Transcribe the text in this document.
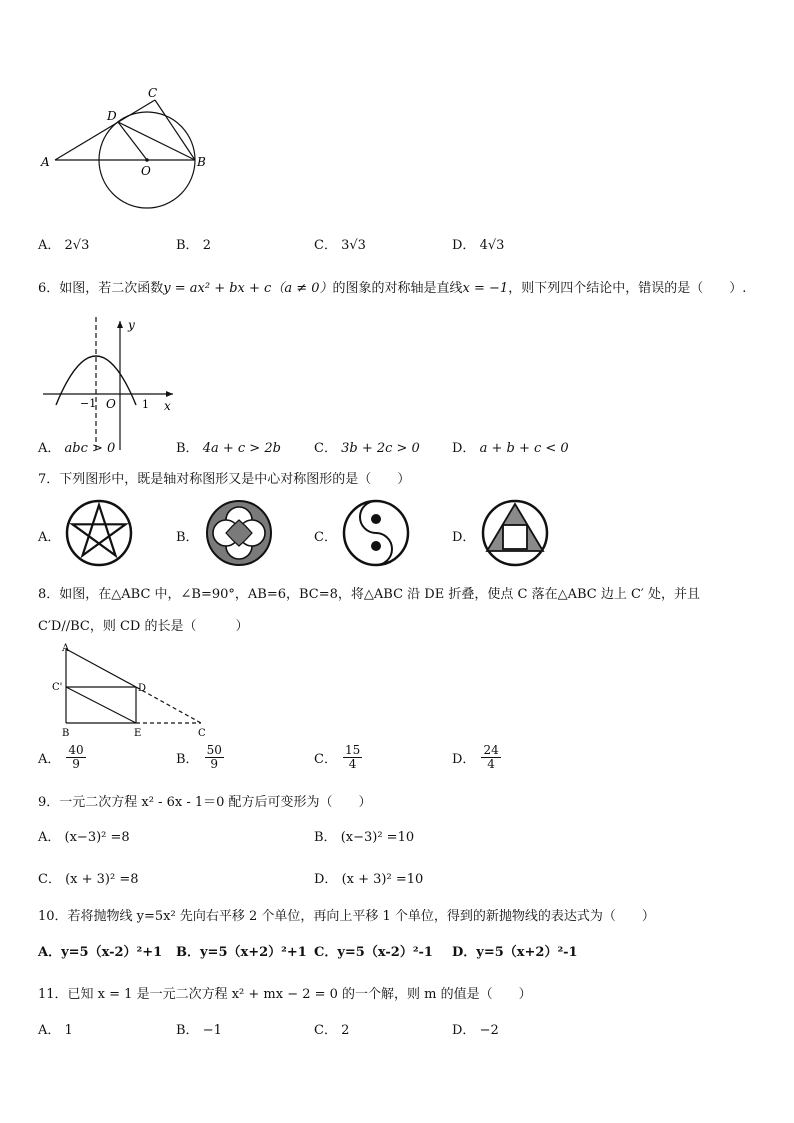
A	B
C
D
O
A． 2√3	B． 2	C． 3√3	D． 4√3
6．如图，若二次函数y = ax² + bx + c（a ≠ 0）的图象的对称轴是直线x = −1，则下列四个结论中，错误的是（　　）.
y
x
−1 O 1
A． abc > 0	B． 4a + c > 2b	C． 3b + 2c > 0 D． a + b + c < 0
7．下列图形中，既是轴对称图形又是中心对称图形的是（　　）
A．	B．	C．	D．
8．如图，在△ABC 中，∠B=90°，AB=6，BC=8，将△ABC 沿 DE 折叠，使点 C 落在△ABC 边上 C′ 处，并且
C′D//BC，则 CD 的长是（　　　）
A
C'	D
B	E	C
A． $\frac{40}{9}$	B． $\frac{50}{9}$	C． $\frac{15}{4}$	D． $\frac{24}{4}$
9．一元二次方程 x² - 6x - 1＝0 配方后可变形为（　　）
A． (x−3)² =8	B． (x−3)² =10
C． (x + 3)² =8	D． (x + 3)² =10
10．若将抛物线 y=5x² 先向右平移 2 个单位，再向上平移 1 个单位，得到的新抛物线的表达式为（　　）
A．y=5（x-2）²+1 B．y=5（x+2）²+1 C．y=5（x-2）²-1 D．y=5（x+2）²-1
11．已知 x = 1 是一元二次方程 x² + mx − 2 = 0 的一个解，则 m 的值是（　　）
A． 1	B． −1	C． 2	D． −2
